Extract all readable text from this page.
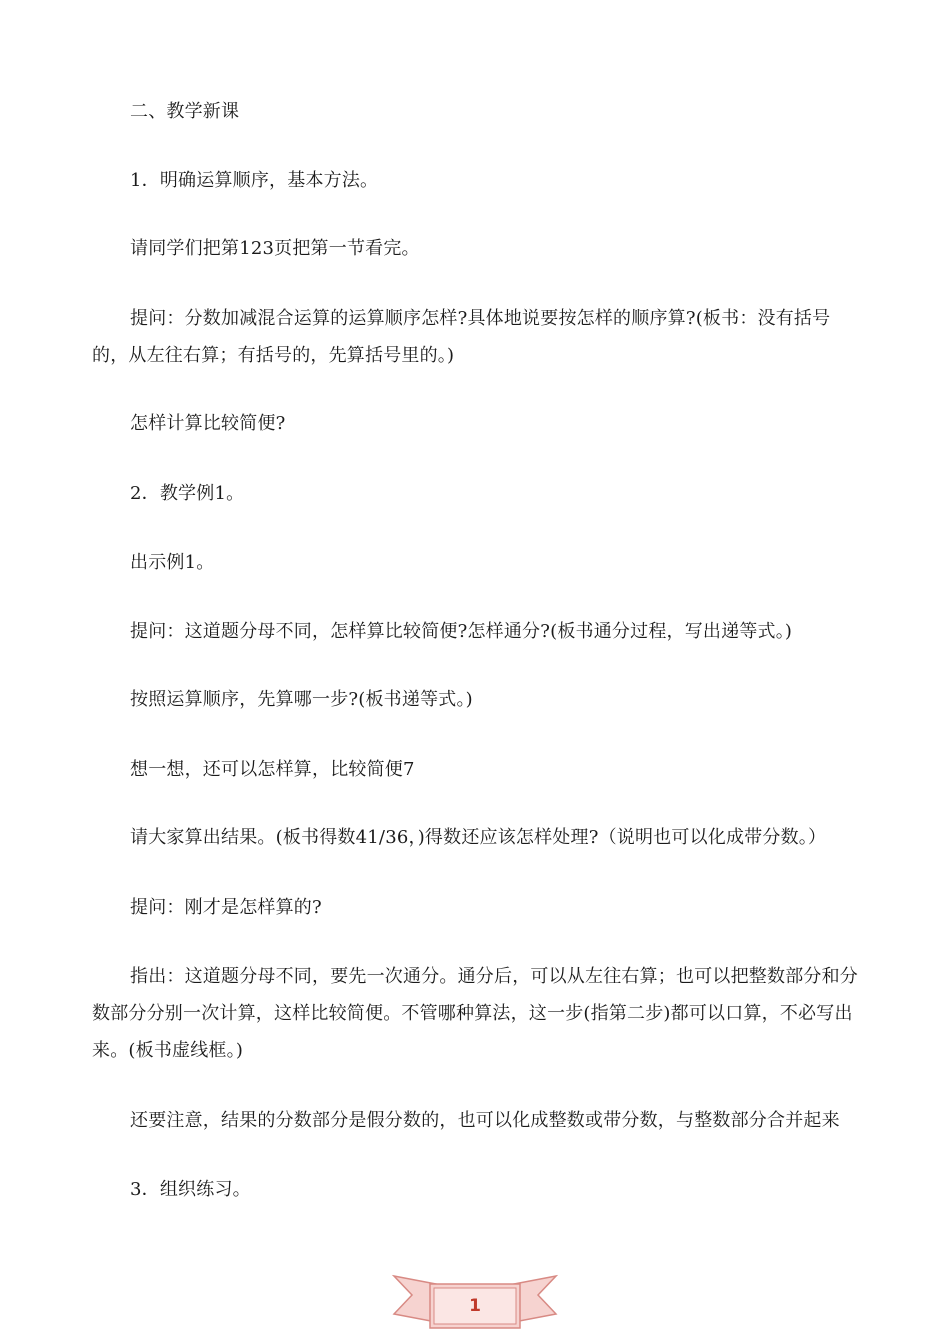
二、教学新课

1．明确运算顺序，基本方法。

请同学们把第123页把第一节看完。

提问：分数加减混合运算的运算顺序怎样?具体地说要按怎样的顺序算?(板书：没有括号的，从左往右算；有括号的，先算括号里的。)

怎样计算比较简便?

2．教学例1。

出示例1。

提问：这道题分母不同，怎样算比较简便?怎样通分?(板书通分过程，写出递等式。)

按照运算顺序，先算哪一步?(板书递等式。)

想一想，还可以怎样算，比较简便7

请大家算出结果。(板书得数41/36，)得数还应该怎样处理?（说明也可以化成带分数。）

提问：刚才是怎样算的?

指出：这道题分母不同，要先一次通分。通分后，可以从左往右算；也可以把整数部分和分数部分分别一次计算，这样比较简便。不管哪种算法，这一步(指第二步)都可以口算，不必写出来。(板书虚线框。)

还要注意，结果的分数部分是假分数的，也可以化成整数或带分数，与整数部分合并起来

3．组织练习。

1
